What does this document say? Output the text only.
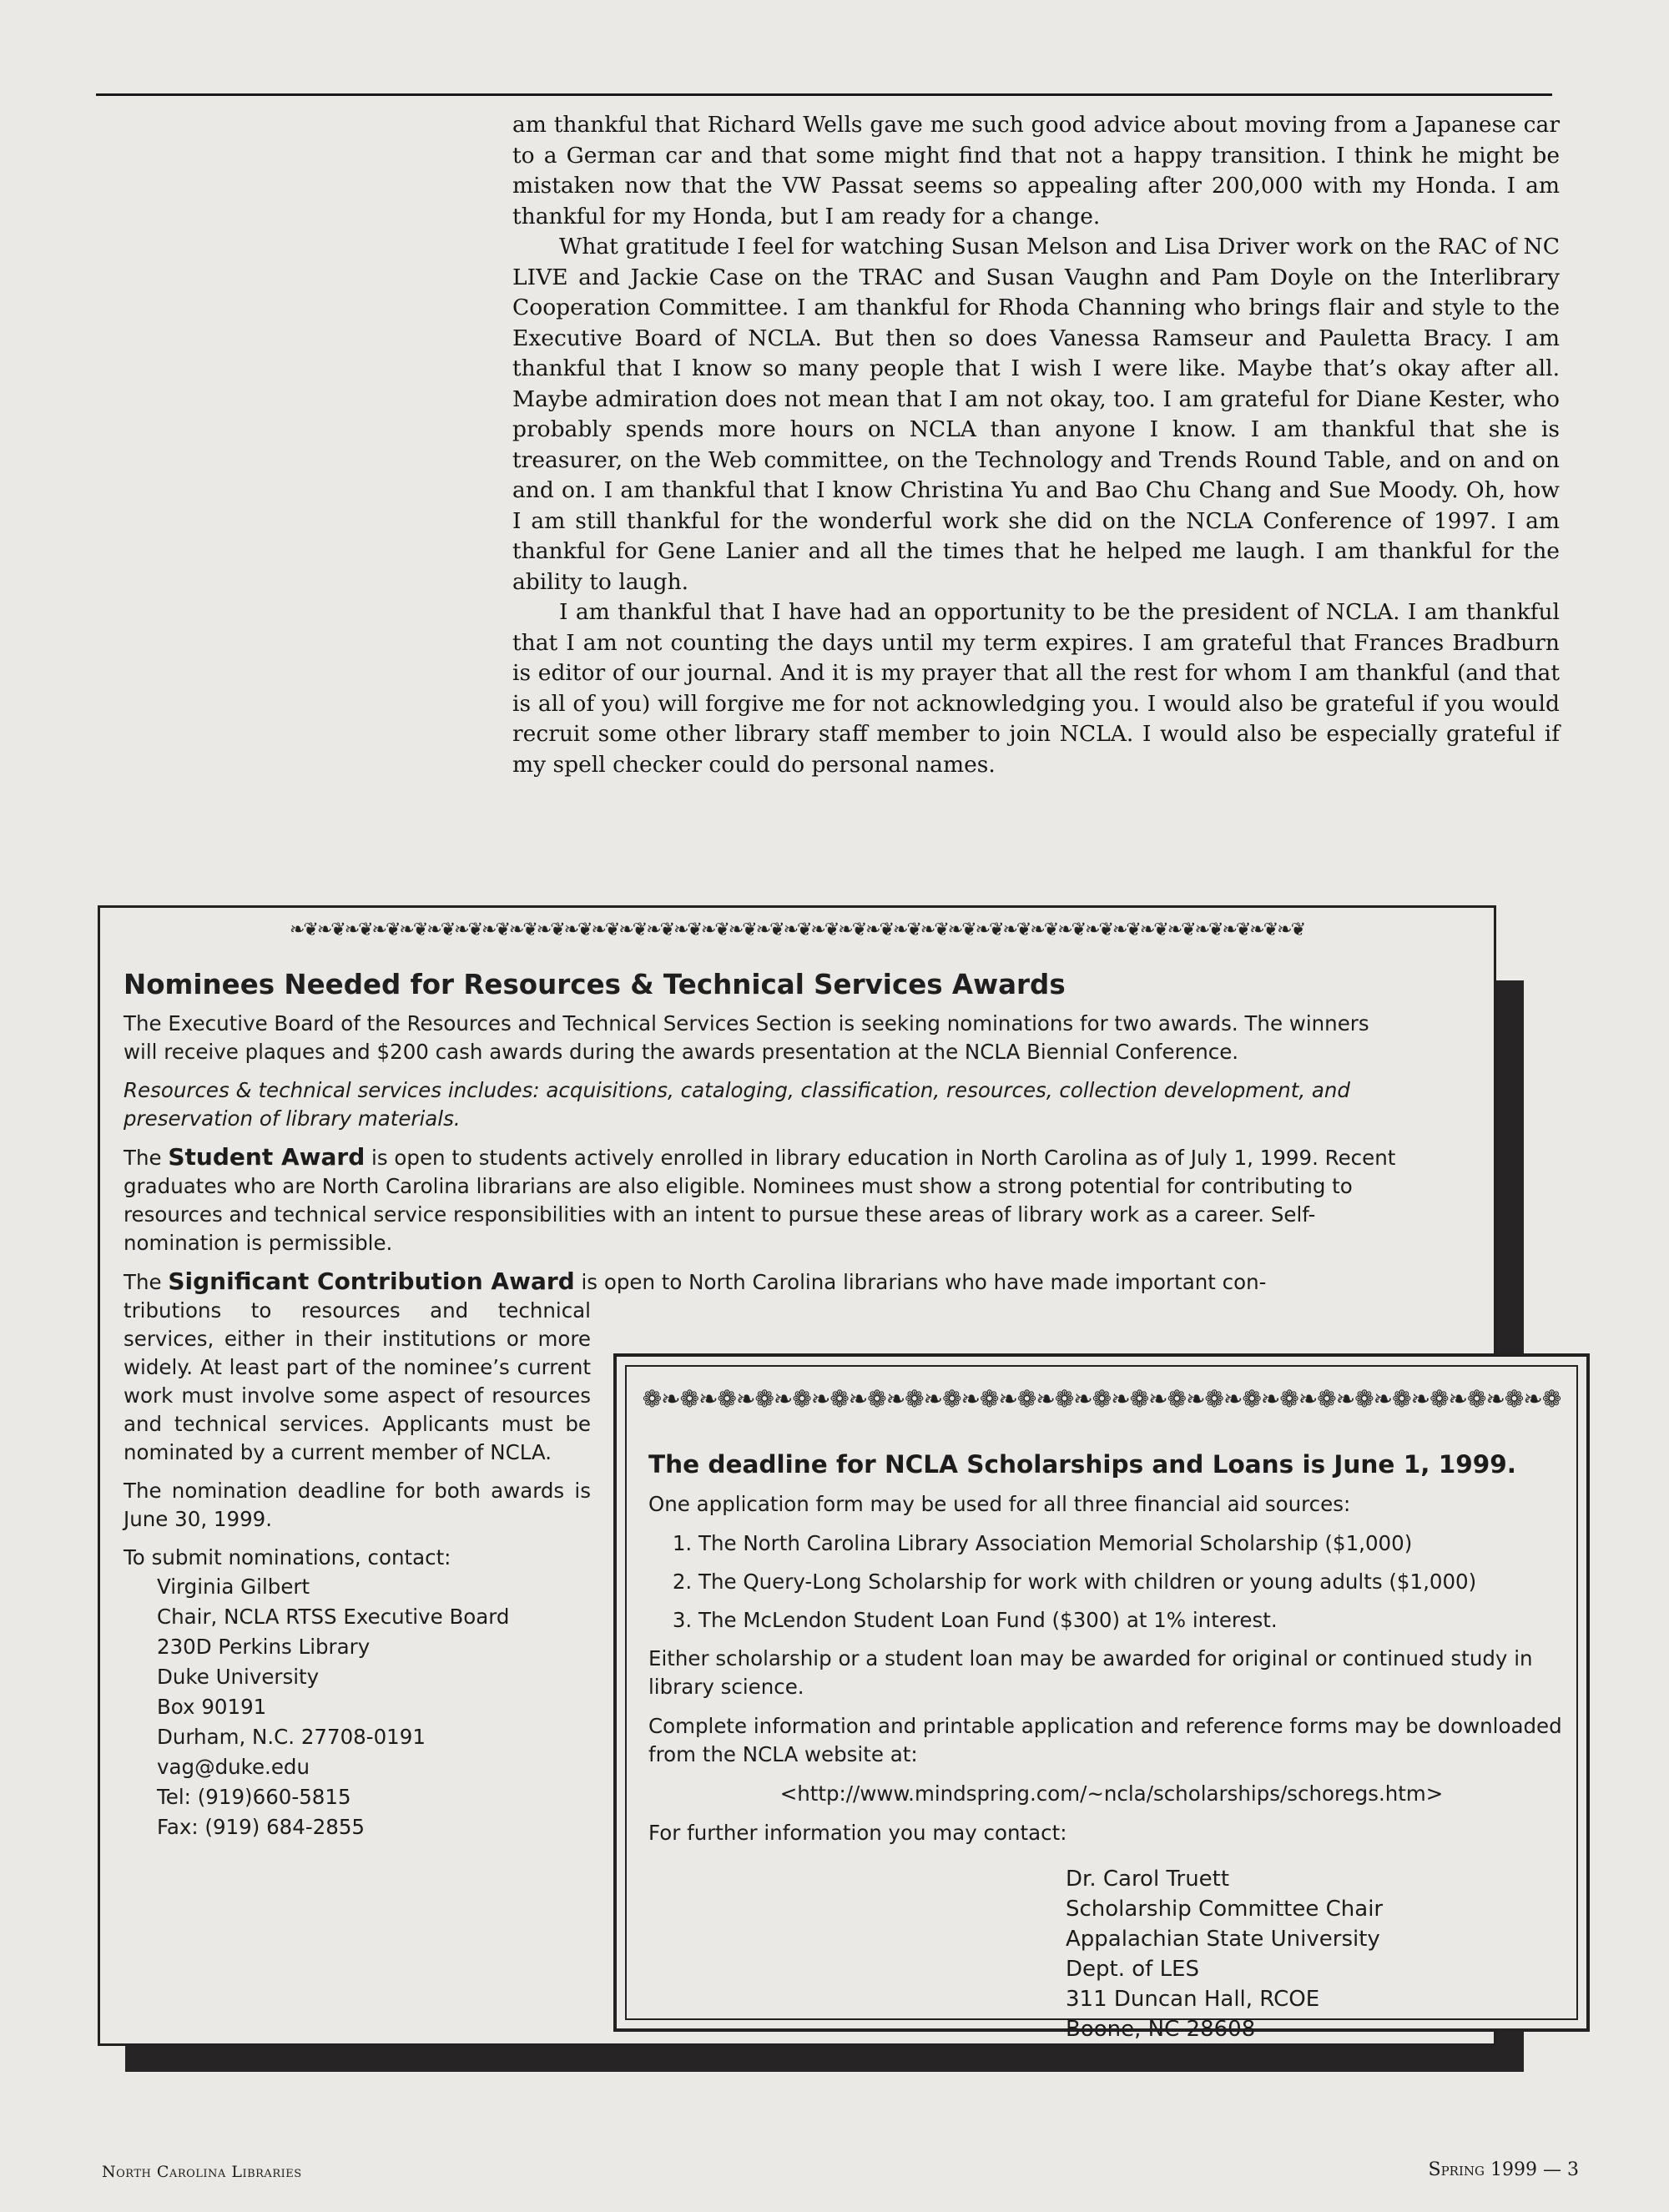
am thankful that Richard Wells gave me such good advice about moving from a Japanese car to a German car and that some might find that not a happy transition. I think he might be mistaken now that the VW Passat seems so appealing after 200,000 with my Honda. I am thankful for my Honda, but I am ready for a change.

What gratitude I feel for watching Susan Melson and Lisa Driver work on the RAC of NC LIVE and Jackie Case on the TRAC and Susan Vaughn and Pam Doyle on the Interlibrary Cooperation Committee. I am thankful for Rhoda Channing who brings flair and style to the Executive Board of NCLA. But then so does Vanessa Ramseur and Pauletta Bracy. I am thankful that I know so many people that I wish I were like. Maybe that’s okay after all. Maybe admiration does not mean that I am not okay, too. I am grateful for Diane Kester, who probably spends more hours on NCLA than anyone I know. I am thankful that she is treasurer, on the Web committee, on the Technology and Trends Round Table, and on and on and on. I am thankful that I know Christina Yu and Bao Chu Chang and Sue Moody. Oh, how I am still thankful for the wonderful work she did on the NCLA Conference of 1997. I am thankful for Gene Lanier and all the times that he helped me laugh. I am thankful for the ability to laugh.

I am thankful that I have had an opportunity to be the president of NCLA. I am thankful that I am not counting the days until my term expires. I am grateful that Frances Bradburn is editor of our journal. And it is my prayer that all the rest for whom I am thankful (and that is all of you) will forgive me for not acknowledging you. I would also be grateful if you would recruit some other library staff member to join NCLA. I would also be especially grateful if my spell checker could do personal names.

❧❦❧❦❧❦❧❦❧❦❧❦❧❦❧❦❧❦❧❦❧❦❧❦❧❦❧❦❧❦❧❦❧❦❧❦❧❦❧❦❧❦❧❦❧❦❧❦❧❦❧❦❧❦❧❦❧❦❧❦❧❦❧❦❧❦❧❦❧❦❧❦❧❦
Nominees Needed for Resources & Technical Services Awards

The Executive Board of the Resources and Technical Services Section is seeking nominations for two awards. The winners will receive plaques and $200 cash awards during the awards presentation at the NCLA Biennial Conference.

Resources & technical services includes: acquisitions, cataloging, classification, resources, collection development, and preservation of library materials.

The Student Award is open to students actively enrolled in library education in North Carolina as of July 1, 1999. Recent graduates who are North Carolina librarians are also eligible. Nominees must show a strong potential for contributing to resources and technical service responsibilities with an intent to pursue these areas of library work as a career. Self-nomination is permissible.

The Significant Contribution Award is open to North Carolina librarians who have made important con-

tributions to resources and technical services, either in their institutions or more widely. At least part of the nominee’s current work must involve some aspect of resources and technical services. Applicants must be nominated by a current member of NCLA.

The nomination deadline for both awards is June 30, 1999.

To submit nominations, contact:

Virginia Gilbert
Chair, NCLA RTSS Executive Board
230D Perkins Library
Duke University
Box 90191
Durham, N.C. 27708-0191
vag@duke.edu
Tel: (919)660-5815
Fax: (919) 684-2855
❁❧❁❧❁❧❁❧❁❧❁❧❁❧❁❧❁❧❁❧❁❧❁❧❁❧❁❧❁❧❁❧❁❧❁❧❁❧❁❧❁❧❁❧❁❧❁❧❁
The deadline for NCLA Scholarships and Loans is June 1, 1999.

One application form may be used for all three financial aid sources:

1. The North Carolina Library Association Memorial Scholarship ($1,000)
2. The Query-Long Scholarship for work with children or young adults ($1,000)
3. The McLendon Student Loan Fund ($300) at 1% interest.

Either scholarship or a student loan may be awarded for original or continued study in library science.

Complete information and printable application and reference forms may be downloaded from the NCLA website at:

<http://www.mindspring.com/~ncla/scholarships/schoregs.htm>

For further information you may contact:

Dr. Carol Truett
Scholarship Committee Chair
Appalachian State University
Dept. of LES
311 Duncan Hall, RCOE
Boone, NC 28608
North Carolina Libraries	Spring 1999 — 3
